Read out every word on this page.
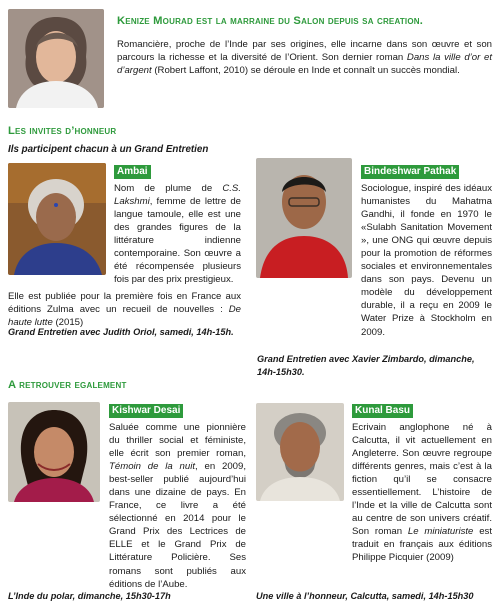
Kenize Mourad est la marraine du Salon depuis sa creation.

Romancière, proche de l’Inde par ses origines, elle incarne dans son œuvre et son parcours la richesse et la diversité de l’Orient. Son dernier roman Dans la ville d’or et d’argent (Robert Laffont, 2010) se déroule en Inde et connaît un succès mondial.

Les invites d’honneur
Ils participent chacun à un Grand Entretien
Ambai

Nom de plume de C.S. Lakshmi, femme de lettre de langue tamoule, elle est une des grandes figures de la littérature indienne contemporaine. Son œuvre a été récompensée plusieurs fois par des prix prestigieux.

Elle est publiée pour la première fois en France aux éditions Zulma avec un recueil de nouvelles : De haute lutte (2015)

Grand Entretien avec Judith Oriol, samedi, 14h-15h.
Bindeshwar Pathak

Sociologue, inspiré des idéaux humanistes du Mahatma Gandhi, il fonde en 1970 le «Sulabh Sanitation Movement », une ONG qui œuvre depuis pour la promotion de réformes sociales et environnementales dans son pays. Devenu un modèle du développement durable, il a reçu en 2009 le Water Prize à Stockholm en 2009.

Grand Entretien avec Xavier Zimbardo, dimanche, 14h-15h30.
A retrouver egalement
Kishwar Desai

Saluée comme une pionnière du thriller social et féministe, elle écrit son premier roman, Témoin de la nuit, en 2009, best-seller publié aujourd’hui dans une dizaine de pays. En France, ce livre a été sélectionné en 2014 pour le Grand Prix des Lectrices de ELLE et le Grand Prix de Littérature Policière. Ses romans sont publiés aux éditions de l’Aube.

L’Inde du polar, dimanche, 15h30-17h
Kunal Basu

Ecrivain anglophone né à Calcutta, il vit actuellement en Angleterre. Son œuvre regroupe différents genres, mais c’est à la fiction qu’il se consacre essentiellement. L’histoire de l’Inde et la ville de Calcutta sont au centre de son univers créatif. Son roman Le miniaturiste est traduit en français aux éditions Philippe Picquier (2009)

Une ville à l’honneur, Calcutta, samedi, 14h-15h30
